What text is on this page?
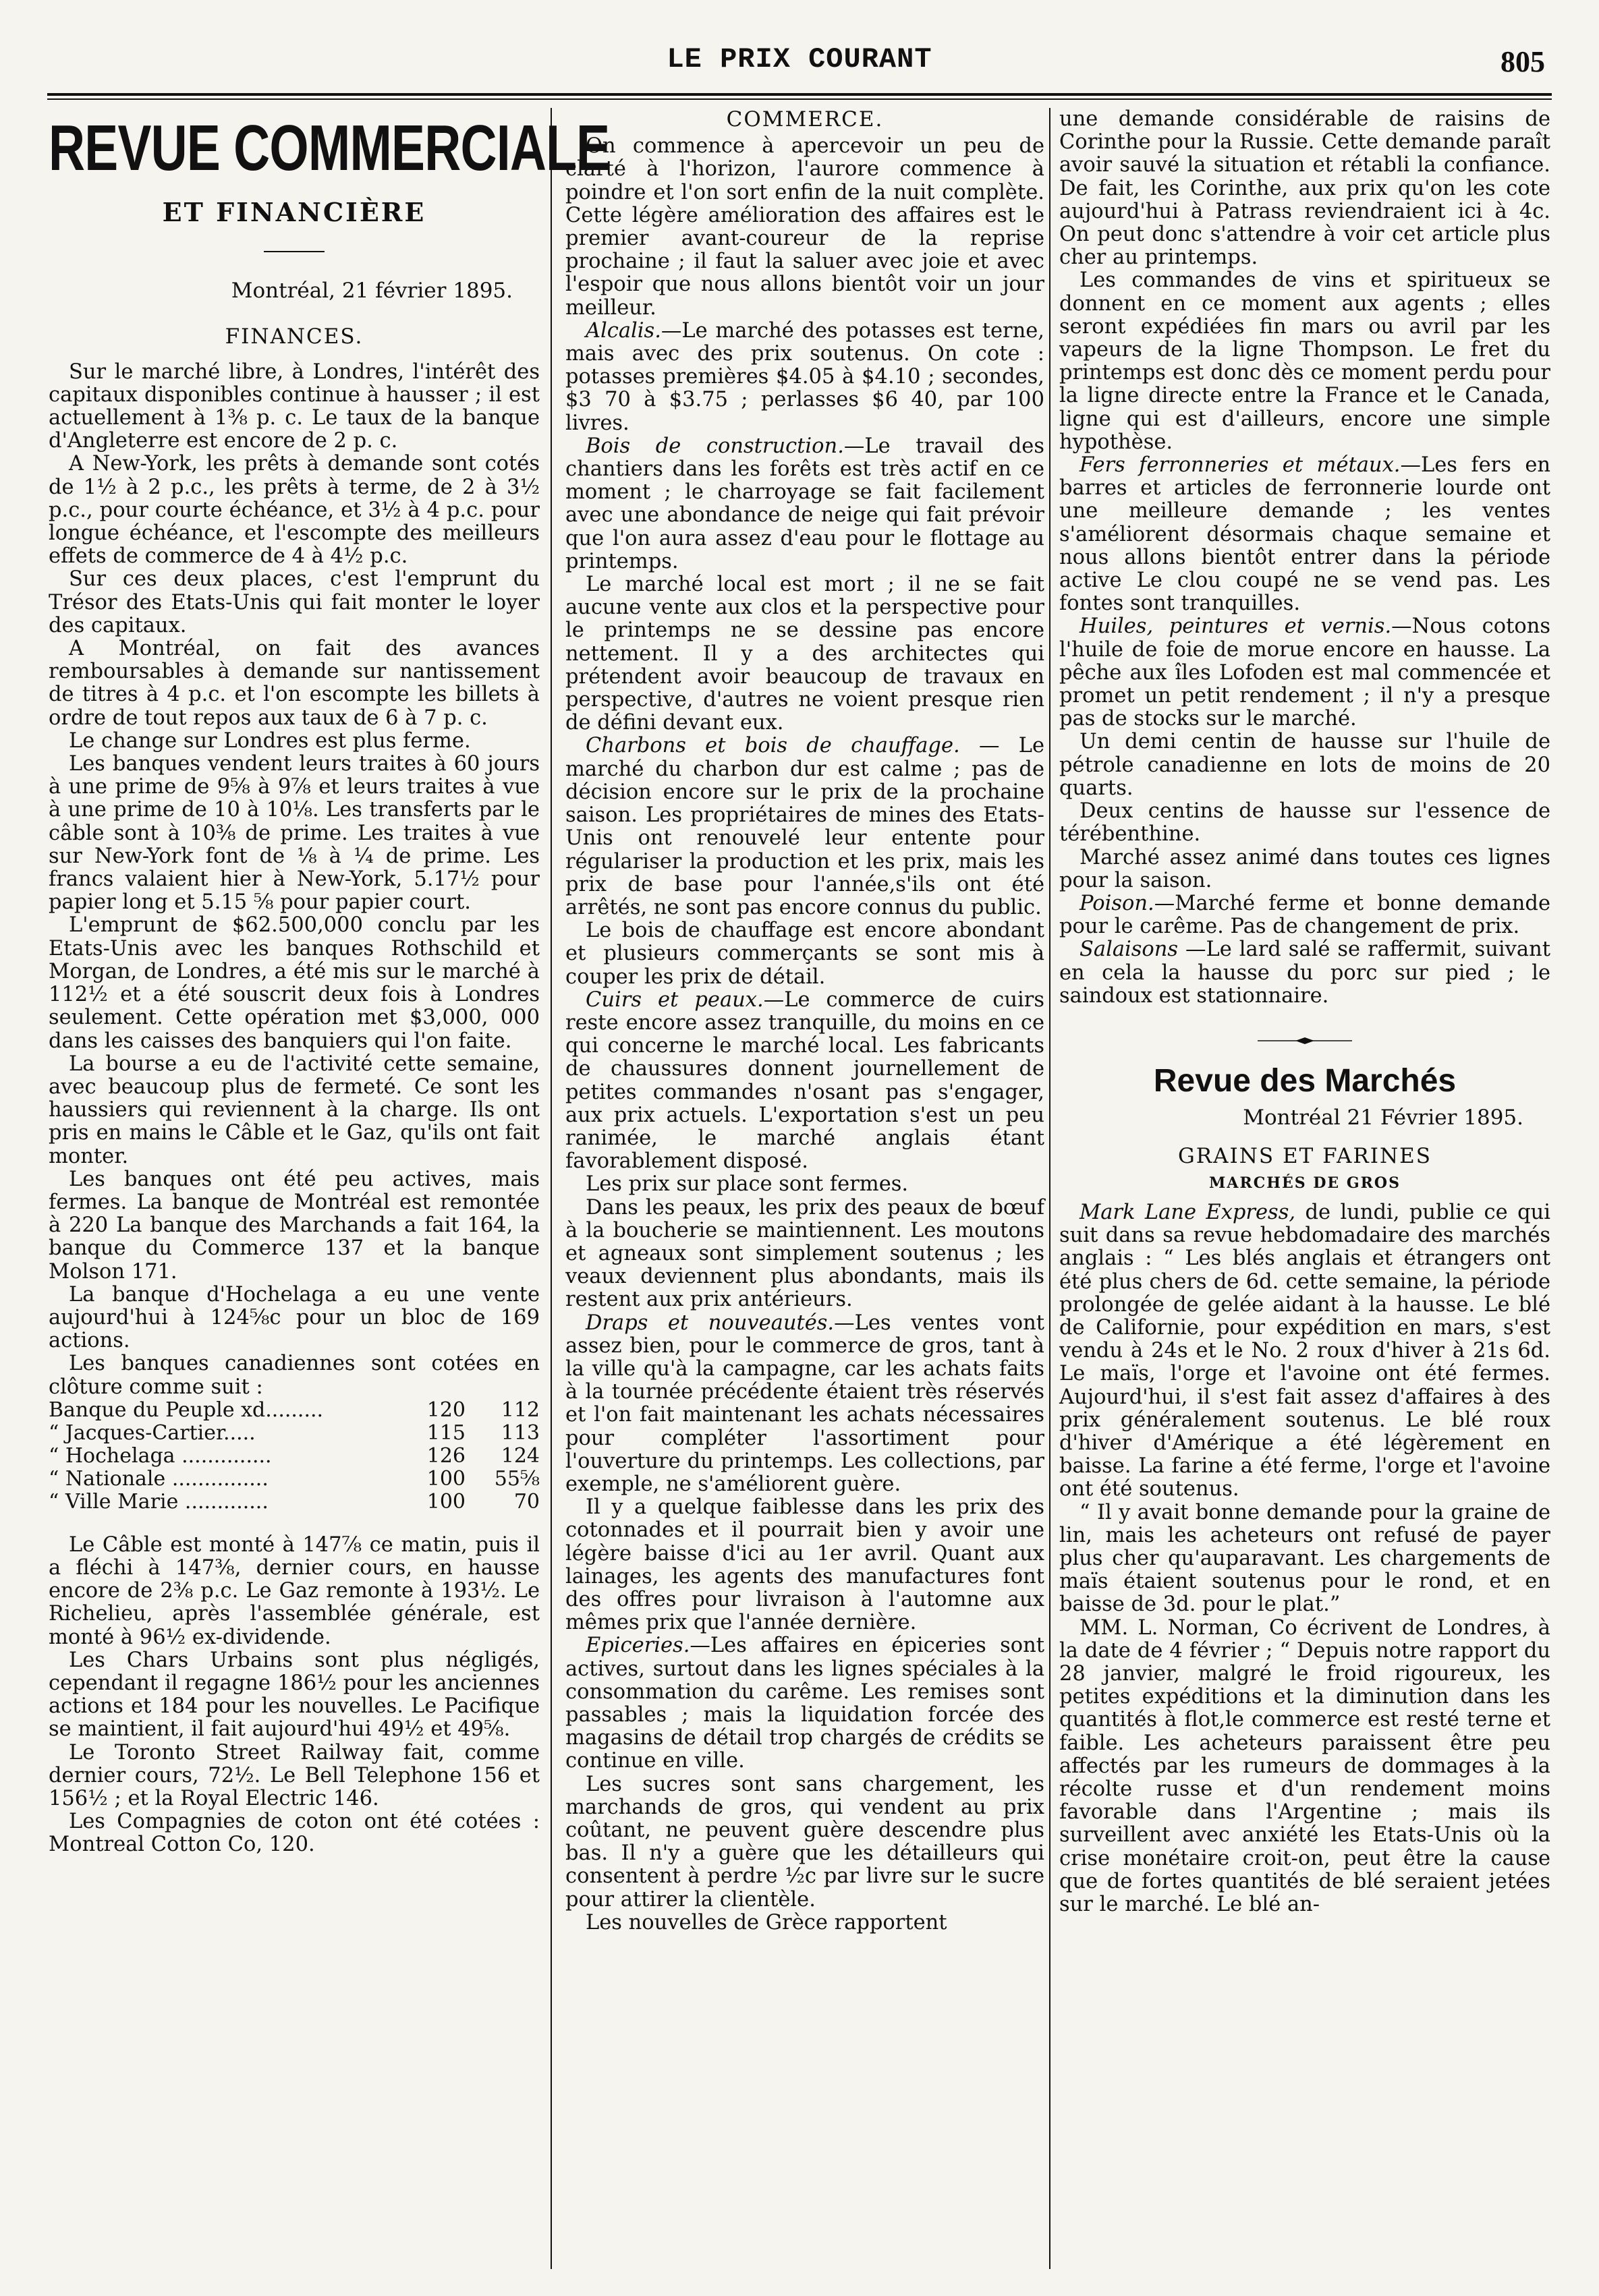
LE PRIX COURANT	805
REVUE COMMERCIALE
ET FINANCIÈRE
Montréal, 21 février 1895.
FINANCES.

Sur le marché libre, à Londres, l'intérêt des capitaux disponibles continue à hausser ; il est actuellement à 1⅜ p. c. Le taux de la banque d'Angleterre est encore de 2 p. c.

A New-York, les prêts à demande sont cotés de 1½ à 2 p.c., les prêts à terme, de 2 à 3½ p.c., pour courte échéance, et 3½ à 4 p.c. pour longue échéance, et l'escompte des meilleurs effets de commerce de 4 à 4½ p.c.

Sur ces deux places, c'est l'emprunt du Trésor des Etats-Unis qui fait monter le loyer des capitaux.

A Montréal, on fait des avances remboursables à demande sur nantissement de titres à 4 p.c. et l'on escompte les billets à ordre de tout repos aux taux de 6 à 7 p. c.

Le change sur Londres est plus ferme.

Les banques vendent leurs traites à 60 jours à une prime de 9⅝ à 9⅞ et leurs traites à vue à une prime de 10 à 10⅛. Les transferts par le câble sont à 10⅜ de prime. Les traites à vue sur New-York font de ⅛ à ¼ de prime. Les francs valaient hier à New-York, 5.17½ pour papier long et 5.15 ⅝ pour papier court.

L'emprunt de $62.500,000 conclu par les Etats-Unis avec les banques Rothschild et Morgan, de Londres, a été mis sur le marché à 112½ et a été souscrit deux fois à Londres seulement. Cette opération met $3,000, 000 dans les caisses des banquiers qui l'on faite.

La bourse a eu de l'activité cette semaine, avec beaucoup plus de fermeté. Ce sont les haussiers qui reviennent à la charge. Ils ont pris en mains le Câble et le Gaz, qu'ils ont fait monter.

Les banques ont été peu actives, mais fermes. La banque de Montréal est remontée à 220 La banque des Marchands a fait 164, la banque du Commerce 137 et la banque Molson 171.

La banque d'Hochelaga a eu une vente aujourd'hui à 124⅝c pour un bloc de 169 actions.

Les banques canadiennes sont cotées en clôture comme suit :

Banque du Peuple xd.........	120	112
“ Jacques-Cartier.....	115	113
“ Hochelaga ..............	126	124
“ Nationale ...............	100	55⅝
“ Ville Marie .............	100	70

Le Câble est monté à 147⅞ ce matin, puis il a fléchi à 147⅜, dernier cours, en hausse encore de 2⅜ p.c. Le Gaz remonte à 193½. Le Richelieu, après l'assemblée générale, est monté à 96½ ex-dividende.

Les Chars Urbains sont plus négligés, cependant il regagne 186½ pour les anciennes actions et 184 pour les nouvelles. Le Pacifique se maintient, il fait aujourd'hui 49½ et 49⅝.

Le Toronto Street Railway fait, comme dernier cours, 72½. Le Bell Telephone 156 et 156½ ; et la Royal Electric 146.

Les Compagnies de coton ont été cotées : Montreal Cotton Co, 120.

COMMERCE.

On commence à apercevoir un peu de clarté à l'horizon, l'aurore commence à poindre et l'on sort enfin de la nuit complète. Cette légère amélioration des affaires est le premier avant-coureur de la reprise prochaine ; il faut la saluer avec joie et avec l'espoir que nous allons bientôt voir un jour meilleur.

Alcalis.—Le marché des potasses est terne, mais avec des prix soutenus. On cote : potasses premières $4.05 à $4.10 ; secondes, $3 70 à $3.75 ; perlasses $6 40, par 100 livres.

Bois de construction.—Le travail des chantiers dans les forêts est très actif en ce moment ; le charroyage se fait facilement avec une abondance de neige qui fait prévoir que l'on aura assez d'eau pour le flottage au printemps.

Le marché local est mort ; il ne se fait aucune vente aux clos et la perspective pour le printemps ne se dessine pas encore nettement. Il y a des architectes qui prétendent avoir beaucoup de travaux en perspective, d'autres ne voient presque rien de défini devant eux.

Charbons et bois de chauffage. — Le marché du charbon dur est calme ; pas de décision encore sur le prix de la prochaine saison. Les propriétaires de mines des Etats-Unis ont renouvelé leur entente pour régulariser la production et les prix, mais les prix de base pour l'année,s'ils ont été arrêtés, ne sont pas encore connus du public.

Le bois de chauffage est encore abondant et plusieurs commerçants se sont mis à couper les prix de détail.

Cuirs et peaux.—Le commerce de cuirs reste encore assez tranquille, du moins en ce qui concerne le marché local. Les fabricants de chaussures donnent journellement de petites commandes n'osant pas s'engager, aux prix actuels. L'exportation s'est un peu ranimée, le marché anglais étant favorablement disposé.

Les prix sur place sont fermes.

Dans les peaux, les prix des peaux de bœuf à la boucherie se maintiennent. Les moutons et agneaux sont simplement soutenus ; les veaux deviennent plus abondants, mais ils restent aux prix antérieurs.

Draps et nouveautés.—Les ventes vont assez bien, pour le commerce de gros, tant à la ville qu'à la campagne, car les achats faits à la tournée précédente étaient très réservés et l'on fait maintenant les achats nécessaires pour compléter l'assortiment pour l'ouverture du printemps. Les collections, par exemple, ne s'améliorent guère.

Il y a quelque faiblesse dans les prix des cotonnades et il pourrait bien y avoir une légère baisse d'ici au 1er avril. Quant aux lainages, les agents des manufactures font des offres pour livraison à l'automne aux mêmes prix que l'année dernière.

Epiceries.—Les affaires en épiceries sont actives, surtout dans les lignes spéciales à la consommation du carême. Les remises sont passables ; mais la liquidation forcée des magasins de détail trop chargés de crédits se continue en ville.

Les sucres sont sans chargement, les marchands de gros, qui vendent au prix coûtant, ne peuvent guère descendre plus bas. Il n'y a guère que les détailleurs qui consentent à perdre ½c par livre sur le sucre pour attirer la clientèle.

Les nouvelles de Grèce rapportent

une demande considérable de raisins de Corinthe pour la Russie. Cette demande paraît avoir sauvé la situation et rétabli la confiance. De fait, les Corinthe, aux prix qu'on les cote aujourd'hui à Patrass reviendraient ici à 4c. On peut donc s'attendre à voir cet article plus cher au printemps.

Les commandes de vins et spiritueux se donnent en ce moment aux agents ; elles seront expédiées fin mars ou avril par les vapeurs de la ligne Thompson. Le fret du printemps est donc dès ce moment perdu pour la ligne directe entre la France et le Canada, ligne qui est d'ailleurs, encore une simple hypothèse.

Fers ferronneries et métaux.—Les fers en barres et articles de ferronnerie lourde ont une meilleure demande ; les ventes s'améliorent désormais chaque semaine et nous allons bientôt entrer dans la période active Le clou coupé ne se vend pas. Les fontes sont tranquilles.

Huiles, peintures et vernis.—Nous cotons l'huile de foie de morue encore en hausse. La pêche aux îles Lofoden est mal commencée et promet un petit rendement ; il n'y a presque pas de stocks sur le marché.

Un demi centin de hausse sur l'huile de pétrole canadienne en lots de moins de 20 quarts.

Deux centins de hausse sur l'essence de térébenthine.

Marché assez animé dans toutes ces lignes pour la saison.

Poison.—Marché ferme et bonne demande pour le carême. Pas de changement de prix.

Salaisons —Le lard salé se raffermit, suivant en cela la hausse du porc sur pied ; le saindoux est stationnaire.

Revue des Marchés
Montréal 21 Février 1895.
GRAINS ET FARINES
MARCHÉS DE GROS

Mark Lane Express, de lundi, publie ce qui suit dans sa revue hebdomadaire des marchés anglais : “ Les blés anglais et étrangers ont été plus chers de 6d. cette semaine, la période prolongée de gelée aidant à la hausse. Le blé de Californie, pour expédition en mars, s'est vendu à 24s et le No. 2 roux d'hiver à 21s 6d. Le maïs, l'orge et l'avoine ont été fermes. Aujourd'hui, il s'est fait assez d'affaires à des prix généralement soutenus. Le blé roux d'hiver d'Amérique a été légèrement en baisse. La farine a été ferme, l'orge et l'avoine ont été soutenus.

“ Il y avait bonne demande pour la graine de lin, mais les acheteurs ont refusé de payer plus cher qu'auparavant. Les chargements de maïs étaient soutenus pour le rond, et en baisse de 3d. pour le plat.”

MM. L. Norman, Co écrivent de Londres, à la date de 4 février ; “ Depuis notre rapport du 28 janvier, malgré le froid rigoureux, les petites expéditions et la diminution dans les quantités à flot,le commerce est resté terne et faible. Les acheteurs paraissent être peu affectés par les rumeurs de dommages à la récolte russe et d'un rendement moins favorable dans l'Argentine ; mais ils surveillent avec anxiété les Etats-Unis où la crise monétaire croit-on, peut être la cause que de fortes quantités de blé seraient jetées sur le marché. Le blé an-
